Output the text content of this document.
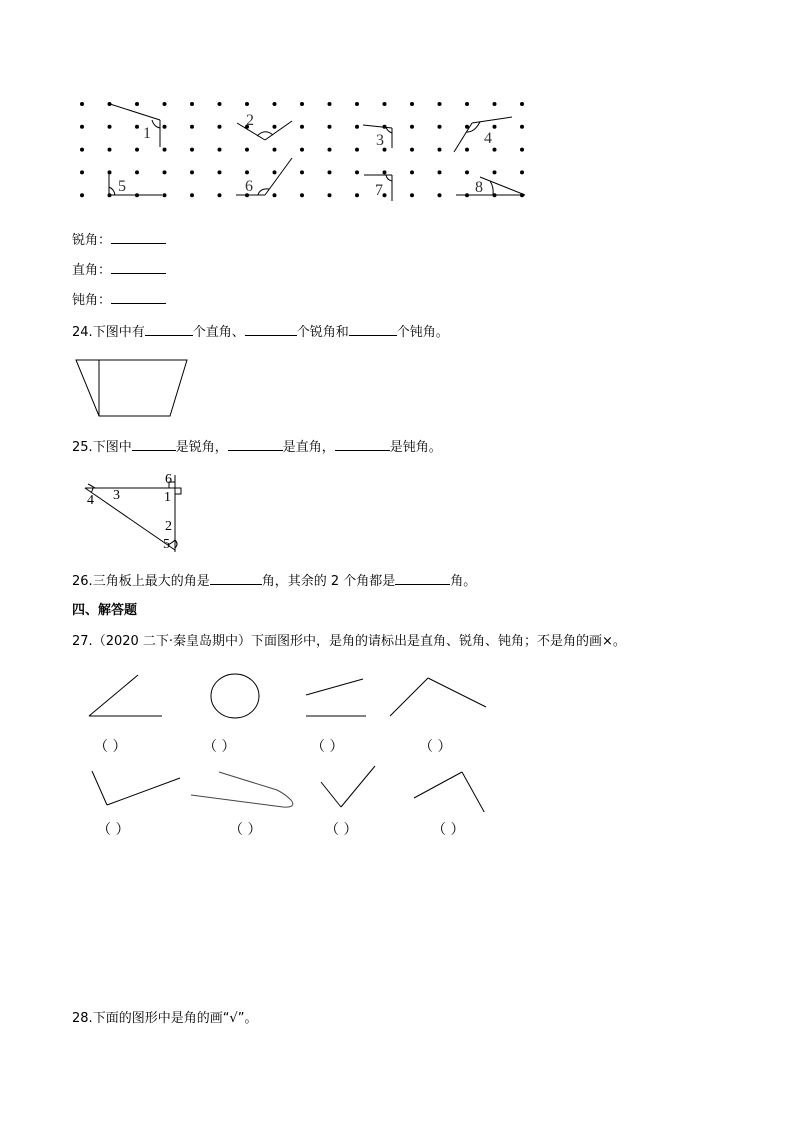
1
2
3	4
5	6	7	8
锐角：
直角：
钝角：
24.下图中有	个直角、	个锐角和	个钝角。
25.下图中	是锐角，	是直角，	是钝角。
6
3	1
4
2
5
26.三角板上最大的角是	角，其余的 2 个角都是	角。
四、解答题
27.（2020 二下·秦皇岛期中）下面图形中，是角的请标出是直角、锐角、钝角；不是角的画×。
（ ）	（ ）	（ ）	（ ）
（ ）	（ ）	（ ）	（ ）
28.下面的图形中是角的画“√”。
